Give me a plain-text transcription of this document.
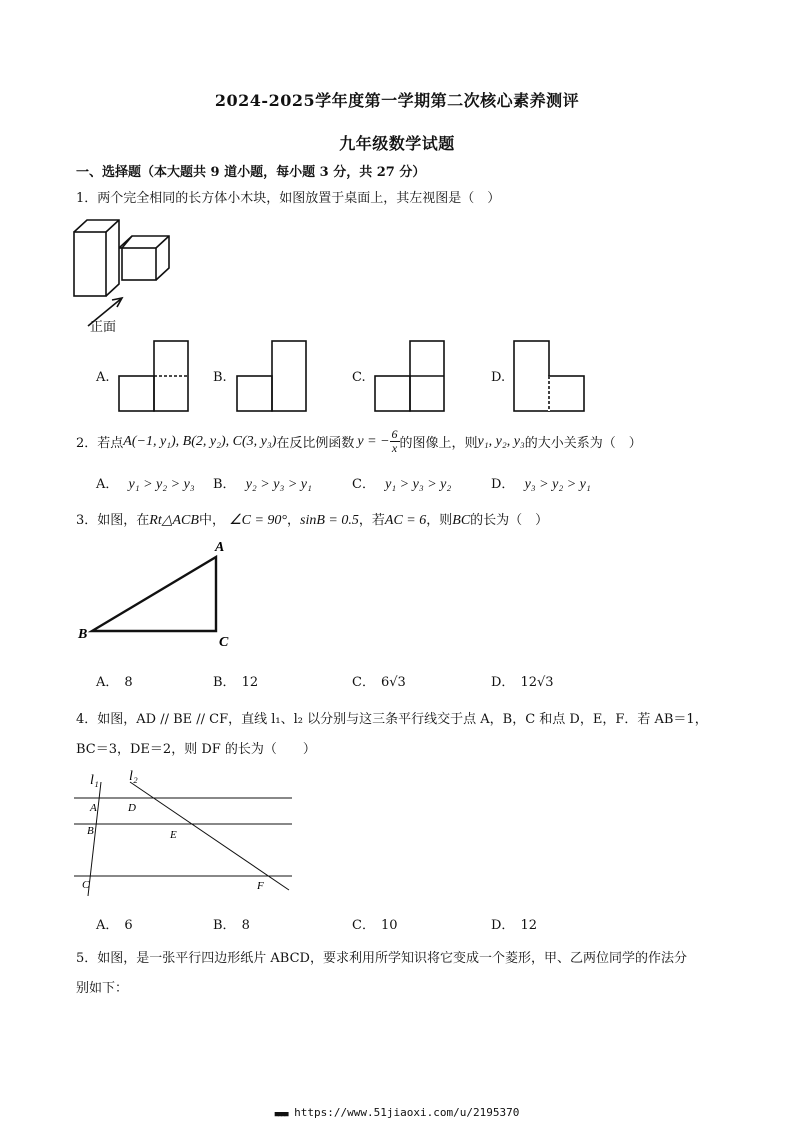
2024-2025学年度第一学期第二次核心素养测评
九年级数学试题
一、选择题（本大题共 9 道小题，每小题 3 分，共 27 分）
1．两个完全相同的长方体小木块，如图放置于桌面上，其左视图是（　）
正面
A.	B.	C.	D.
2．若点 A(−1, y₁), B(2, y₂), C(3, y₃) 在反比例函数 y = − $\frac{6}{x}$ 的图像上，则 y₁, y₂, y₃ 的大小关系为（　）
A． y₁ > y₂ > y₃ B． y₂ > y₃ > y₁	C． y₁ > y₃ > y₂	D． y₃ > y₂ > y₁
3．如图，在Rt△ACB中， ∠C = 90°，sinB = 0.5，若AC = 6，则BC的长为（　）
A
B
C
A． 8	B． 12	C． 6√3	D． 12√3
4．如图，AD // BE // CF，直线 l₁、l₂ 以分别与这三条平行线交于点 A，B，C 和点 D，E，F．若 AB＝1，
BC＝3，DE＝2，则 DF 的长为（　　）
l₁ l₂
A
B
C
D
E
F
A． 6	B． 8	C． 10	D． 12
5．如图，是一张平行四边形纸片 ABCD，要求利用所学知识将它变成一个菱形，甲、乙两位同学的作法分
别如下：
■■■■ https://www.51jiaoxi.com/u/2195370
